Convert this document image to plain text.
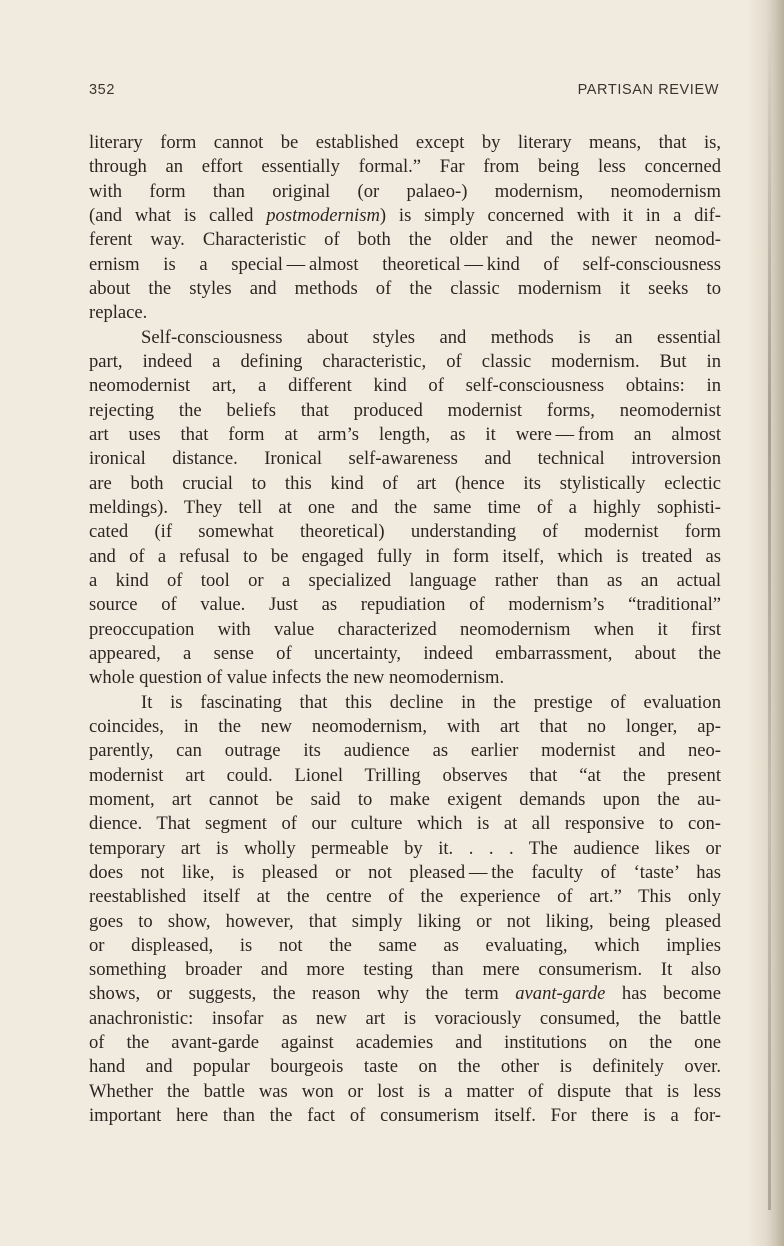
352	PARTISAN REVIEW
literary form cannot be established except by literary means, that is,
through an effort essentially formal.” Far from being less concerned
with form than original (or palaeo-) modernism, neomodernism
(and what is called postmodernism) is simply concerned with it in a dif-
ferent way. Characteristic of both the older and the newer neomod-
ernism is a special — almost theoretical — kind of self-consciousness
about the styles and methods of the classic modernism it seeks to
replace.
Self-consciousness about styles and methods is an essential
part, indeed a defining characteristic, of classic modernism. But in
neomodernist art, a different kind of self-consciousness obtains: in
rejecting the beliefs that produced modernist forms, neomodernist
art uses that form at arm’s length, as it were — from an almost
ironical distance. Ironical self-awareness and technical introversion
are both crucial to this kind of art (hence its stylistically eclectic
meldings). They tell at one and the same time of a highly sophisti-
cated (if somewhat theoretical) understanding of modernist form
and of a refusal to be engaged fully in form itself, which is treated as
a kind of tool or a specialized language rather than as an actual
source of value. Just as repudiation of modernism’s “traditional”
preoccupation with value characterized neomodernism when it first
appeared, a sense of uncertainty, indeed embarrassment, about the
whole question of value infects the new neomodernism.
It is fascinating that this decline in the prestige of evaluation
coincides, in the new neomodernism, with art that no longer, ap-
parently, can outrage its audience as earlier modernist and neo-
modernist art could. Lionel Trilling observes that “at the present
moment, art cannot be said to make exigent demands upon the au-
dience. That segment of our culture which is at all responsive to con-
temporary art is wholly permeable by it. . . . The audience likes or
does not like, is pleased or not pleased — the faculty of ‘taste’ has
reestablished itself at the centre of the experience of art.” This only
goes to show, however, that simply liking or not liking, being pleased
or displeased, is not the same as evaluating, which implies
something broader and more testing than mere consumerism. It also
shows, or suggests, the reason why the term avant-garde has become
anachronistic: insofar as new art is voraciously consumed, the battle
of the avant-garde against academies and institutions on the one
hand and popular bourgeois taste on the other is definitely over.
Whether the battle was won or lost is a matter of dispute that is less
important here than the fact of consumerism itself. For there is a for-
